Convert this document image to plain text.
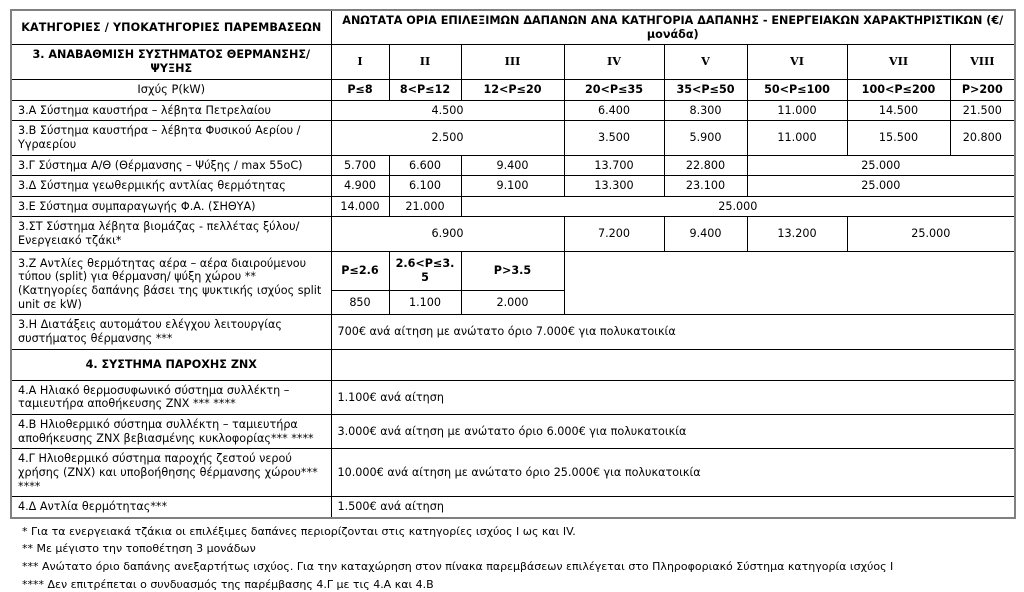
ΚΑΤΗΓΟΡΙΕΣ / ΥΠΟΚΑΤΗΓΟΡΙΕΣ ΠΑΡΕΜΒΑΣΕΩΝ	ΑΝΩΤΑΤΑ ΟΡΙΑ ΕΠΙΛΕΞΙΜΩΝ ΔΑΠΑΝΩΝ ΑΝΑ ΚΑΤΗΓΟΡΙΑ ΔΑΠΑΝΗΣ - ΕΝΕΡΓΕΙΑΚΩΝ ΧΑΡΑΚΤΗΡΙΣΤΙΚΩΝ (€/μονάδα)							
3. ΑΝΑΒΑΘΜΙΣΗ ΣΥΣΤΗΜΑΤΟΣ ΘΕΡΜΑΝΣΗΣ/ΨΥΞΗΣ	Ι	ΙΙ	ΙΙΙ	ΙV	V	VI	VII	VIII
Ισχύς P(kW)	P≤8	8<P≤12	12<P≤20	20<P≤35	35<P≤50	50<P≤100	100<P≤200	P>200
3.Α Σύστημα καυστήρα – λέβητα Πετρελαίου	4.500			6.400	8.300	11.000	14.500	21.500
3.Β Σύστημα καυστήρα – λέβητα Φυσικού Αερίου / Υγραερίου	2.500			3.500	5.900	11.000	15.500	20.800
3.Γ Σύστημα Α/Θ (Θέρμανσης – Ψύξης / max 55οC)	5.700	6.600	9.400	13.700	22.800	25.000		
3.Δ Σύστημα γεωθερμικής αντλίας θερμότητας	4.900	6.100	9.100	13.300	23.100	25.000		
3.Ε Σύστημα συμπαραγωγής Φ.Α. (ΣΗΘΥΑ)	14.000	21.000	25.000					
3.ΣΤ Σύστημα λέβητα βιομάζας - πελλέτας ξύλου/ Ενεργειακό τζάκι*	6.900			7.200	9.400	13.200	25.000	
3.Ζ Αντλίες θερμότητας αέρα – αέρα διαιρούμενου τύπου (split) για θέρμανση/ ψύξη χώρου ** (Κατηγορίες δαπάνης βάσει της ψυκτικής ισχύος split unit σε kW)	P≤2.6	2.6<P≤3.5	P>3.5					
	850	1.100	2.000					
3.Η Διατάξεις αυτομάτου ελέγχου λειτουργίας συστήματος θέρμανσης ***	700€ ανά αίτηση με ανώτατο όριο 7.000€ για πολυκατοικία							
4. ΣΥΣΤΗΜΑ ΠΑΡΟΧΗΣ ΖΝΧ								
4.Α Ηλιακό θερμοσυφωνικό σύστημα συλλέκτη – ταμιευτήρα αποθήκευσης ΖΝΧ *** ****	1.100€ ανά αίτηση							
4.Β Ηλιοθερμικό σύστημα συλλέκτη – ταμιευτήρα αποθήκευσης ΖΝΧ βεβιασμένης κυκλοφορίας*** ****	3.000€ ανά αίτηση με ανώτατο όριο 6.000€ για πολυκατοικία							
4.Γ Ηλιοθερμικό σύστημα παροχής ζεστού νερού χρήσης (ΖΝΧ) και υποβοήθησης θέρμανσης χώρου*** ****	10.000€ ανά αίτηση με ανώτατο όριο 25.000€ για πολυκατοικία							
4.Δ Αντλία θερμότητας***	1.500€ ανά αίτηση							

* Για τα ενεργειακά τζάκια οι επιλέξιμες δαπάνες περιορίζονται στις κατηγορίες ισχύος Ι ως και ΙV.

** Με μέγιστο την τοποθέτηση 3 μονάδων

*** Ανώτατο όριο δαπάνης ανεξαρτήτως ισχύος. Για την καταχώρηση στον πίνακα παρεμβάσεων επιλέγεται στο Πληροφοριακό Σύστημα κατηγορία ισχύος Ι

**** Δεν επιτρέπεται ο συνδυασμός της παρέμβασης 4.Γ με τις 4.Α και 4.Β
